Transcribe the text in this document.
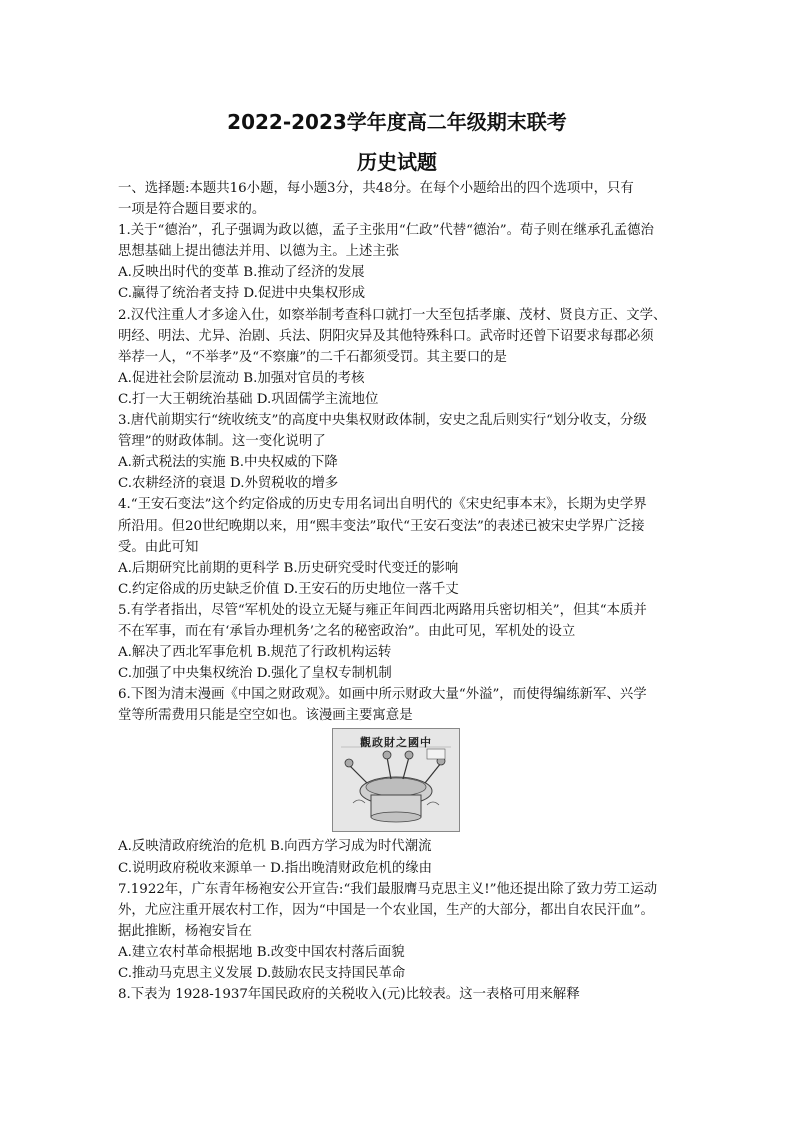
2022-2023学年度高二年级期末联考
历史试题
一、选择题:本题共16小题，每小题3分，共48分。在每个小题给出的四个选项中，只有
一项是符合题目要求的。
1.关于“德治”，孔子强调为政以德，孟子主张用“仁政”代替“德治”。荀子则在继承孔孟德治
思想基础上提出德法并用、以德为主。上述主张
A.反映出时代的变革 B.推动了经济的发展
C.赢得了统治者支持 D.促进中央集权形成
2.汉代注重人才多途入仕，如察举制考查科口就打一大至包括孝廉、茂材、贤良方正、文学、
明经、明法、尤异、治剧、兵法、阴阳灾异及其他特殊科口。武帝时还曾下诏要求每郡必须
举荐一人，“不举孝”及“不察廉”的二千石都须受罚。其主要口的是
A.促进社会阶层流动 B.加强对官员的考核
C.打一大王朝统治基础 D.巩固儒学主流地位
3.唐代前期实行“统收统支”的高度中央集权财政体制，安史之乱后则实行“划分收支，分级
管理”的财政体制。这一变化说明了
A.新式税法的实施 B.中央权威的下降
C.农耕经济的衰退 D.外贸税收的增多
4.“王安石变法”这个约定俗成的历史专用名词出自明代的《宋史纪事本末》，长期为史学界
所沿用。但20世纪晚期以来，用“熙丰变法”取代“王安石变法”的表述已被宋史学界广泛接
受。由此可知
A.后期研究比前期的更科学 B.历史研究受时代变迁的影响
C.约定俗成的历史缺乏价值 D.王安石的历史地位一落千丈
5.有学者指出，尽管“军机处的设立无疑与雍正年间西北两路用兵密切相关”，但其“本质并
不在军事，而在有‘承旨办理机务’之名的秘密政治”。由此可见，军机处的设立
A.解决了西北军事危机 B.规范了行政机构运转
C.加强了中央集权统治 D.强化了皇权专制机制
6.下图为清末漫画《中国之财政观》。如画中所示财政大量“外溢”，而使得编练新军、兴学
堂等所需费用只能是空空如也。该漫画主要寓意是
觀政財之國中
A.反映清政府统治的危机 B.向西方学习成为时代潮流
C.说明政府税收来源单一 D.指出晚清财政危机的缘由
7.1922年，广东青年杨袍安公开宣告:“我们最服膺马克思主义!”他还提出除了致力劳工运动
外，尤应注重开展农村工作，因为“中国是一个农业国，生产的大部分，都出自农民汗血”。
据此推断，杨袍安旨在
A.建立农村革命根据地 B.改变中国农村落后面貌
C.推动马克思主义发展 D.鼓励农民支持国民革命
8.下表为 1928-1937年国民政府的关税收入(元)比较表。这一表格可用来解释
